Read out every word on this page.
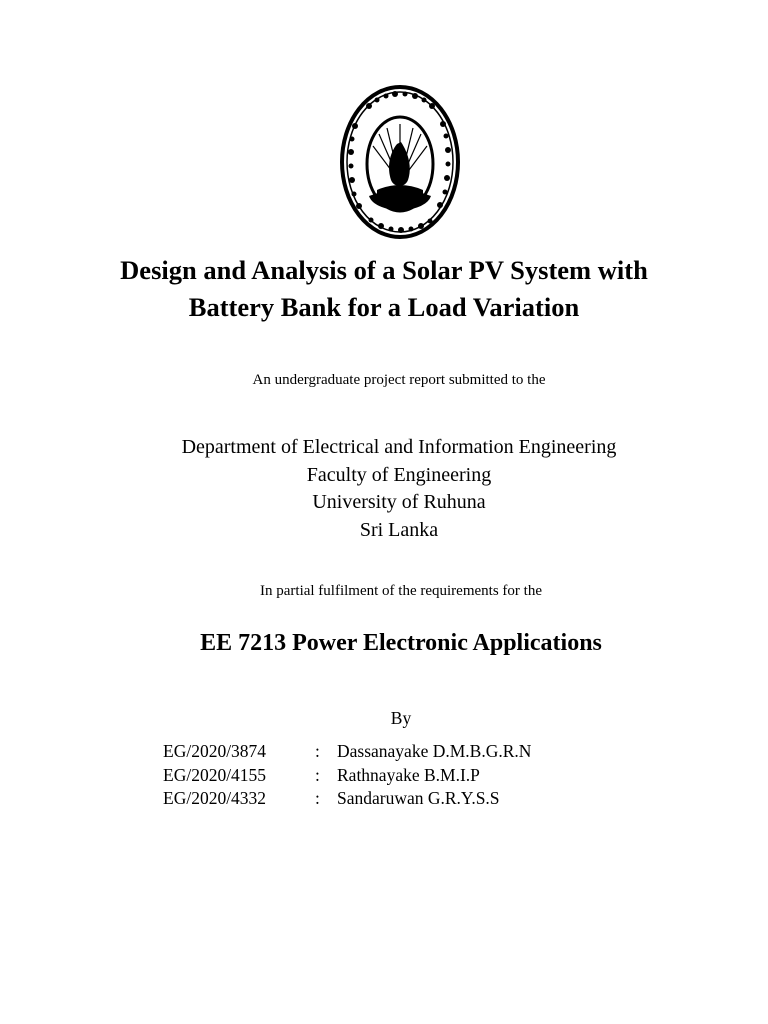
Design and Analysis of a Solar PV System with
Battery Bank for a Load Variation
An undergraduate project report submitted to the
Department of Electrical and Information Engineering
Faculty of Engineering
University of Ruhuna
Sri Lanka
In partial fulfilment of the requirements for the
EE 7213 Power Electronic Applications
By
EG/2020/3874	: Dassanayake D.M.B.G.R.N
EG/2020/4155	: Rathnayake B.M.I.P
EG/2020/4332	: Sandaruwan G.R.Y.S.S
